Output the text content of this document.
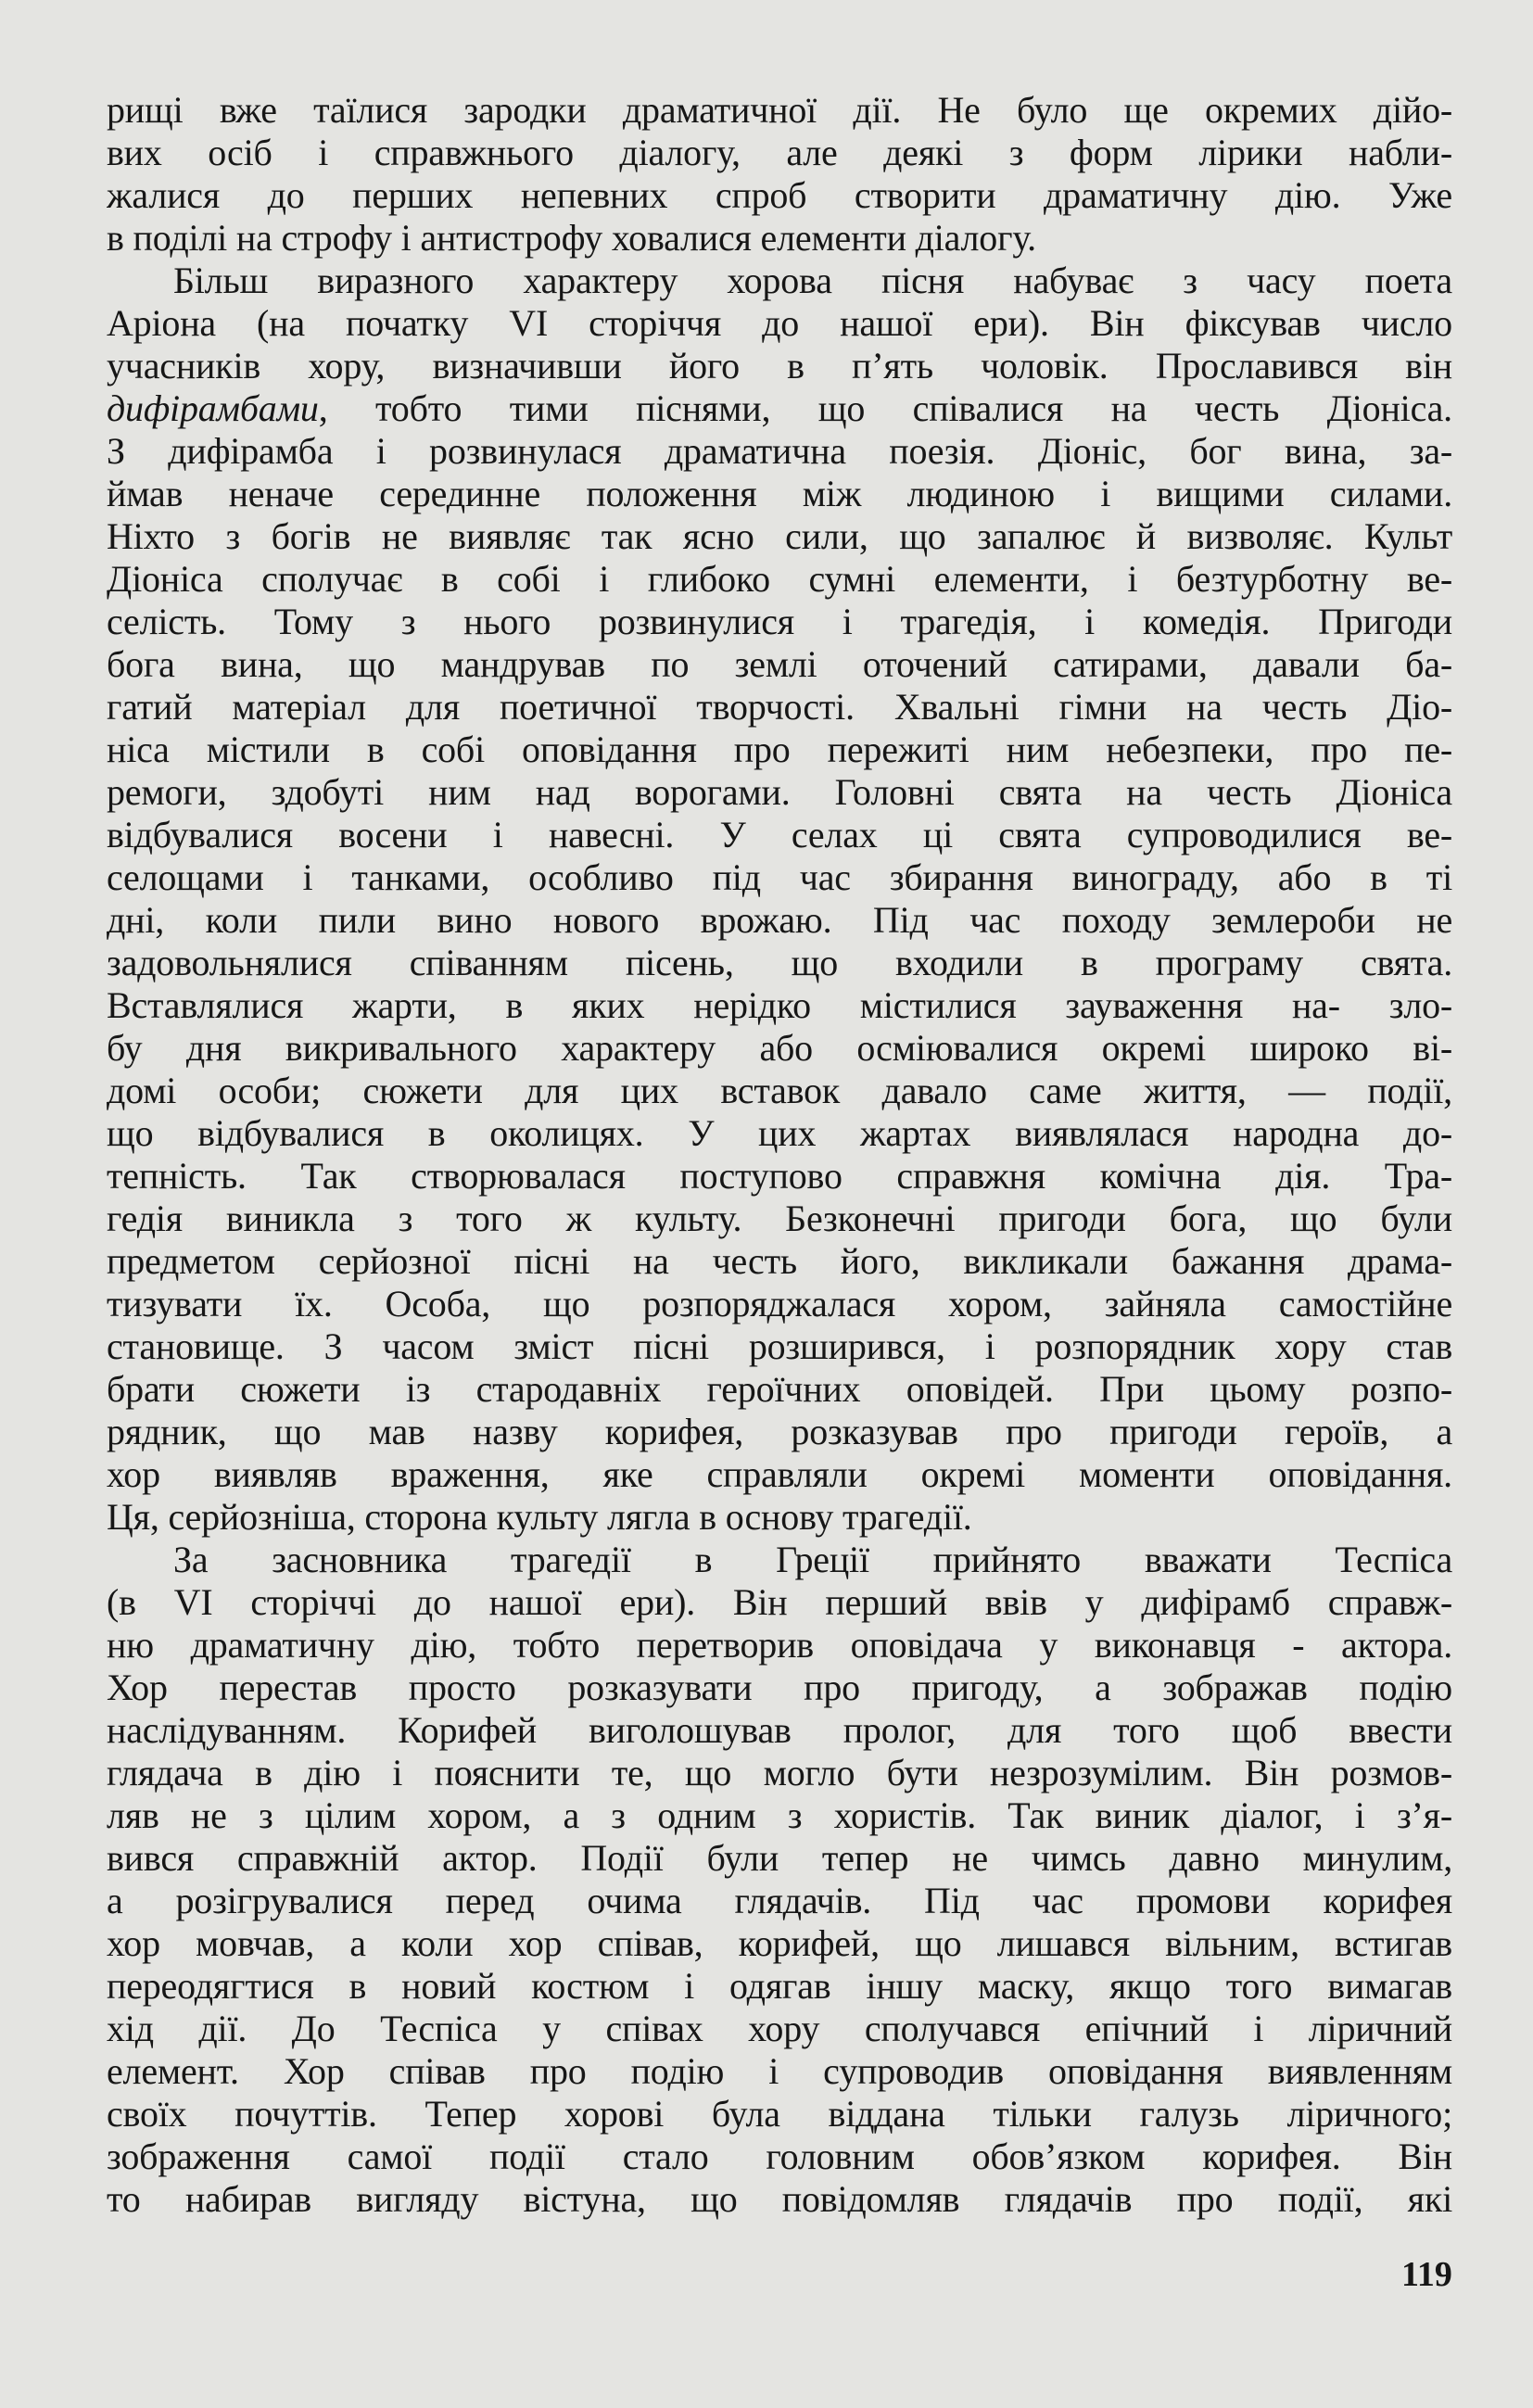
рищі вже таїлися зародки драматичної дії. Не було ще окремих дійо-
вих осіб і справжнього діалогу, але деякі з форм лірики набли-
жалися до перших непевних спроб створити драматичну дію. Уже
в поділі на строфу і антистрофу ховалися елементи діалогу.
Більш виразного характеру хорова пісня набуває з часу поета
Аріона (на початку VI сторіччя до нашої ери). Він фіксував число
учасників хору, визначивши його в п’ять чоловік. Прославився він
дифірамбами, тобто тими піснями, що співалися на честь Діоніса.
З дифірамба і розвинулася драматична поезія. Діоніс, бог вина, за-
ймав неначе серединне положення між людиною і вищими силами.
Ніхто з богів не виявляє так ясно сили, що запалює й визволяє. Культ
Діоніса сполучає в собі і глибоко сумні елементи, і безтурботну ве-
селість. Тому з нього розвинулися і трагедія, і комедія. Пригоди
бога вина, що мандрував по землі оточений сатирами, давали ба-
гатий матеріал для поетичної творчості. Хвальні гімни на честь Діо-
ніса містили в собі оповідання про пережиті ним небезпеки, про пе-
ремоги, здобуті ним над ворогами. Головні свята на честь Діоніса
відбувалися восени і навесні. У селах ці свята супроводилися ве-
селощами і танками, особливо під час збирання винограду, або в ті
дні, коли пили вино нового врожаю. Під час походу землероби не
задовольнялися співанням пісень, що входили в програму свята.
Вставлялися жарти, в яких нерідко містилися зауваження на- зло-
бу дня викривального характеру або осміювалися окремі широко ві-
домі особи; сюжети для цих вставок давало саме життя, — події,
що відбувалися в околицях. У цих жартах виявлялася народна до-
тепність. Так створювалася поступово справжня комічна дія. Тра-
гедія виникла з того ж культу. Безконечні пригоди бога, що були
предметом серйозної пісні на честь його, викликали бажання драма-
тизувати їх. Особа, що розпоряджалася хором, зайняла самостійне
становище. З часом зміст пісні розширився, і розпорядник хору став
брати сюжети із стародавніх героїчних оповідей. При цьому розпо-
рядник, що мав назву корифея, розказував про пригоди героїв, а
хор виявляв враження, яке справляли окремі моменти оповідання.
Ця, серйозніша, сторона культу лягла в основу трагедії.
За засновника трагедії в Греції прийнято вважати Теспіса
(в VI сторіччі до нашої ери). Він перший ввів у дифірамб справж-
ню драматичну дію, тобто перетворив оповідача у виконавця - актора.
Хор перестав просто розказувати про пригоду, а зображав подію
наслідуванням. Корифей виголошував пролог, для того щоб ввести
глядача в дію і пояснити те, що могло бути незрозумілим. Він розмов-
ляв не з цілим хором, а з одним з хористів. Так виник діалог, і з’я-
вився справжній актор. Події були тепер не чимсь давно минулим,
а розігрувалися перед очима глядачів. Під час промови корифея
хор мовчав, а коли хор співав, корифей, що лишався вільним, встигав
переодягтися в новий костюм і одягав іншу маску, якщо того вимагав
хід дії. До Теспіса у співах хору сполучався епічний і ліричний
елемент. Хор співав про подію і супроводив оповідання виявленням
своїх почуттів. Тепер хорові була віддана тільки галузь ліричного;
зображення самої події стало головним обов’язком корифея. Він
то набирав вигляду вістуна, що повідомляв глядачів про події, які
119
